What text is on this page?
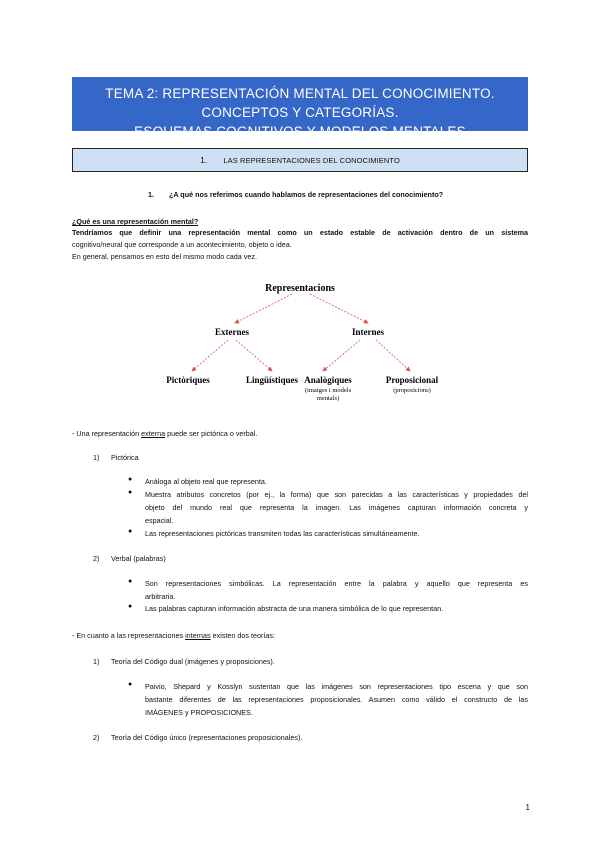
TEMA 2: REPRESENTACIÓN MENTAL DEL CONOCIMIENTO. CONCEPTOS Y CATEGORÍAS.
ESQUEMAS COGNITIVOS Y MODELOS MENTALES
1. LAS REPRESENTACIONES DEL CONOCIMIENTO
1. ¿A qué nos referimos cuando hablamos de representaciones del conocimiento?
¿Qué es una representación mental?
Tendríamos que definir una representación mental como un estado estable de activación dentro de un sistema
cognitivo/neural que corresponde a un acontecimiento, objeto o idea.
En general, pensamos en esto del mismo modo cada vez.
Representacions
Externes	Internes
Pictòriques	Lingüístiques Analògiques
(imatges i models
mentals)
Proposicional
(proposicions)
- Una representación externa puede ser pictórica o verbal.
1) Pictórica
● Análoga al objeto real que representa.
● Muestra atributos concretos (por ej., la forma) que son parecidas a las características y propiedades del
objeto del mundo real que representa la imagen. Las imágenes capturan información concreta y
espacial.
● Las representaciones pictóricas transmiten todas las características simultáneamente.
2) Verbal (palabras)
● Son representaciones simbólicas. La representación entre la palabra y aquello que representa es
arbitraria.
● Las palabras capturan información abstracta de una manera simbólica de lo que representan.
- En cuanto a las representaciones internas existen dos teorías:
1) Teoría del Código dual (imágenes y proposiciones).
● Paivio, Shepard y Kosslyn sustentan que las imágenes son representaciones tipo escena y que son
bastante diferentes de las representaciones proposicionales. Asumen como válido el constructo de las
IMÁGENES y PROPOSICIONES.
2) Teoría del Código único (representaciones proposicionales).
1
